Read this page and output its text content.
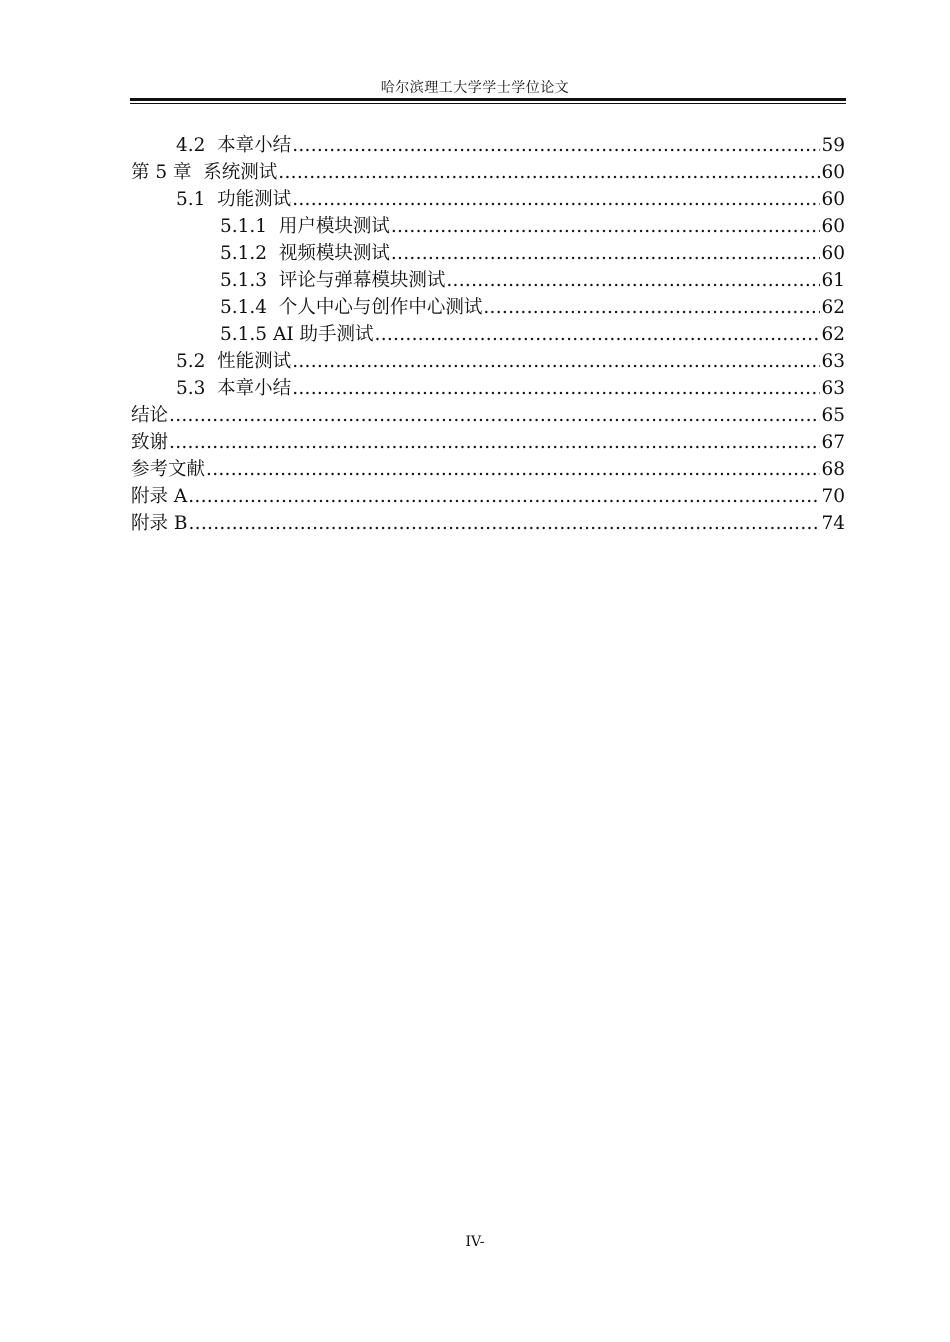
哈尔滨理工大学学士学位论文
4.2  本章小结 .....	59
第 5 章  系统测试 .....	60
5.1  功能测试 .....	60
5.1.1  用户模块测试 .....	60
5.1.2  视频模块测试 .....	60
5.1.3  评论与弹幕模块测试 .....	61
5.1.4  个人中心与创作中心测试 .....	62
5.1.5 AI 助手测试 .....	62
5.2  性能测试 .....	63
5.3  本章小结 .....	63
结论 .....	65
致谢 .....	67
参考文献 .....	68
附录 A .....	70
附录 B .....	74
IV-
